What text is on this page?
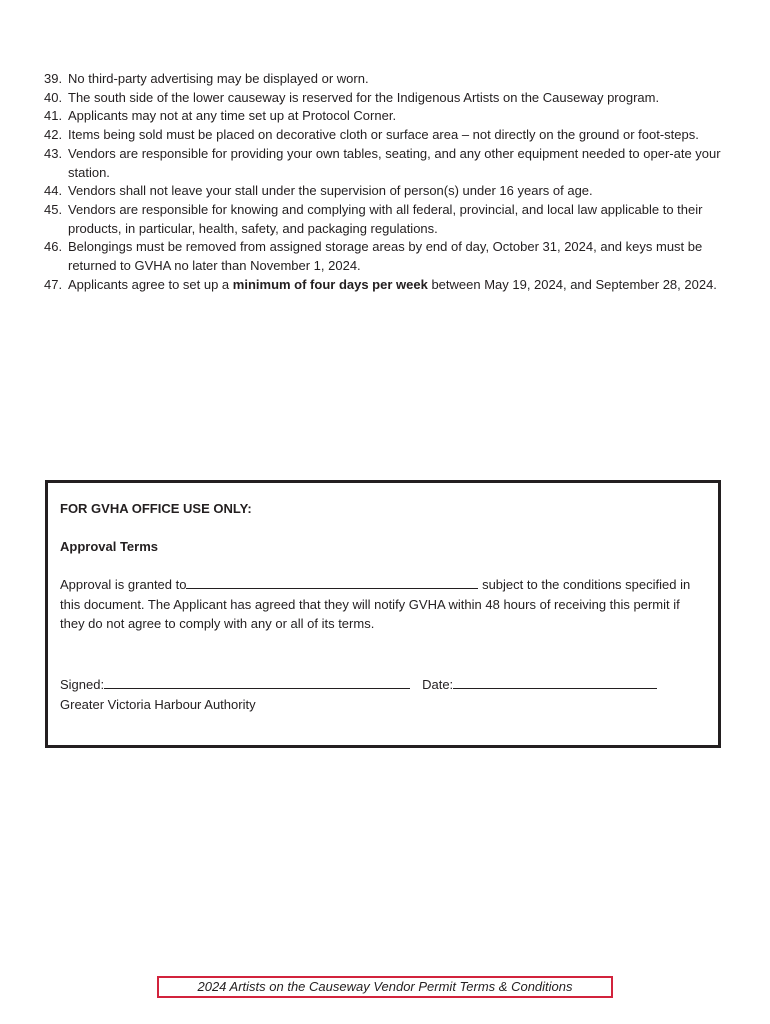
39. No third-party advertising may be displayed or worn.
40. The south side of the lower causeway is reserved for the Indigenous Artists on the Causeway program.
41. Applicants may not at any time set up at Protocol Corner.
42. Items being sold must be placed on decorative cloth or surface area – not directly on the ground or foot-steps.
43. Vendors are responsible for providing your own tables, seating, and any other equipment needed to oper-ate your station.
44. Vendors shall not leave your stall under the supervision of person(s) under 16 years of age.
45. Vendors are responsible for knowing and complying with all federal, provincial, and local law applicable to their products, in particular, health, safety, and packaging regulations.
46. Belongings must be removed from assigned storage areas by end of day, October 31, 2024, and keys must be returned to GVHA no later than November 1, 2024.
47. Applicants agree to set up a minimum of four days per week between May 19, 2024, and September 28, 2024.

FOR GVHA OFFICE USE ONLY:

Approval Terms

Approval is granted to	subject to the conditions specified in this document. The Applicant has agreed that they will notify GVHA within 48 hours of receiving this permit if they do not agree to comply with any or all of its terms.

Signed:	Date:

Greater Victoria Harbour Authority

2024 Artists on the Causeway Vendor Permit Terms & Conditions
